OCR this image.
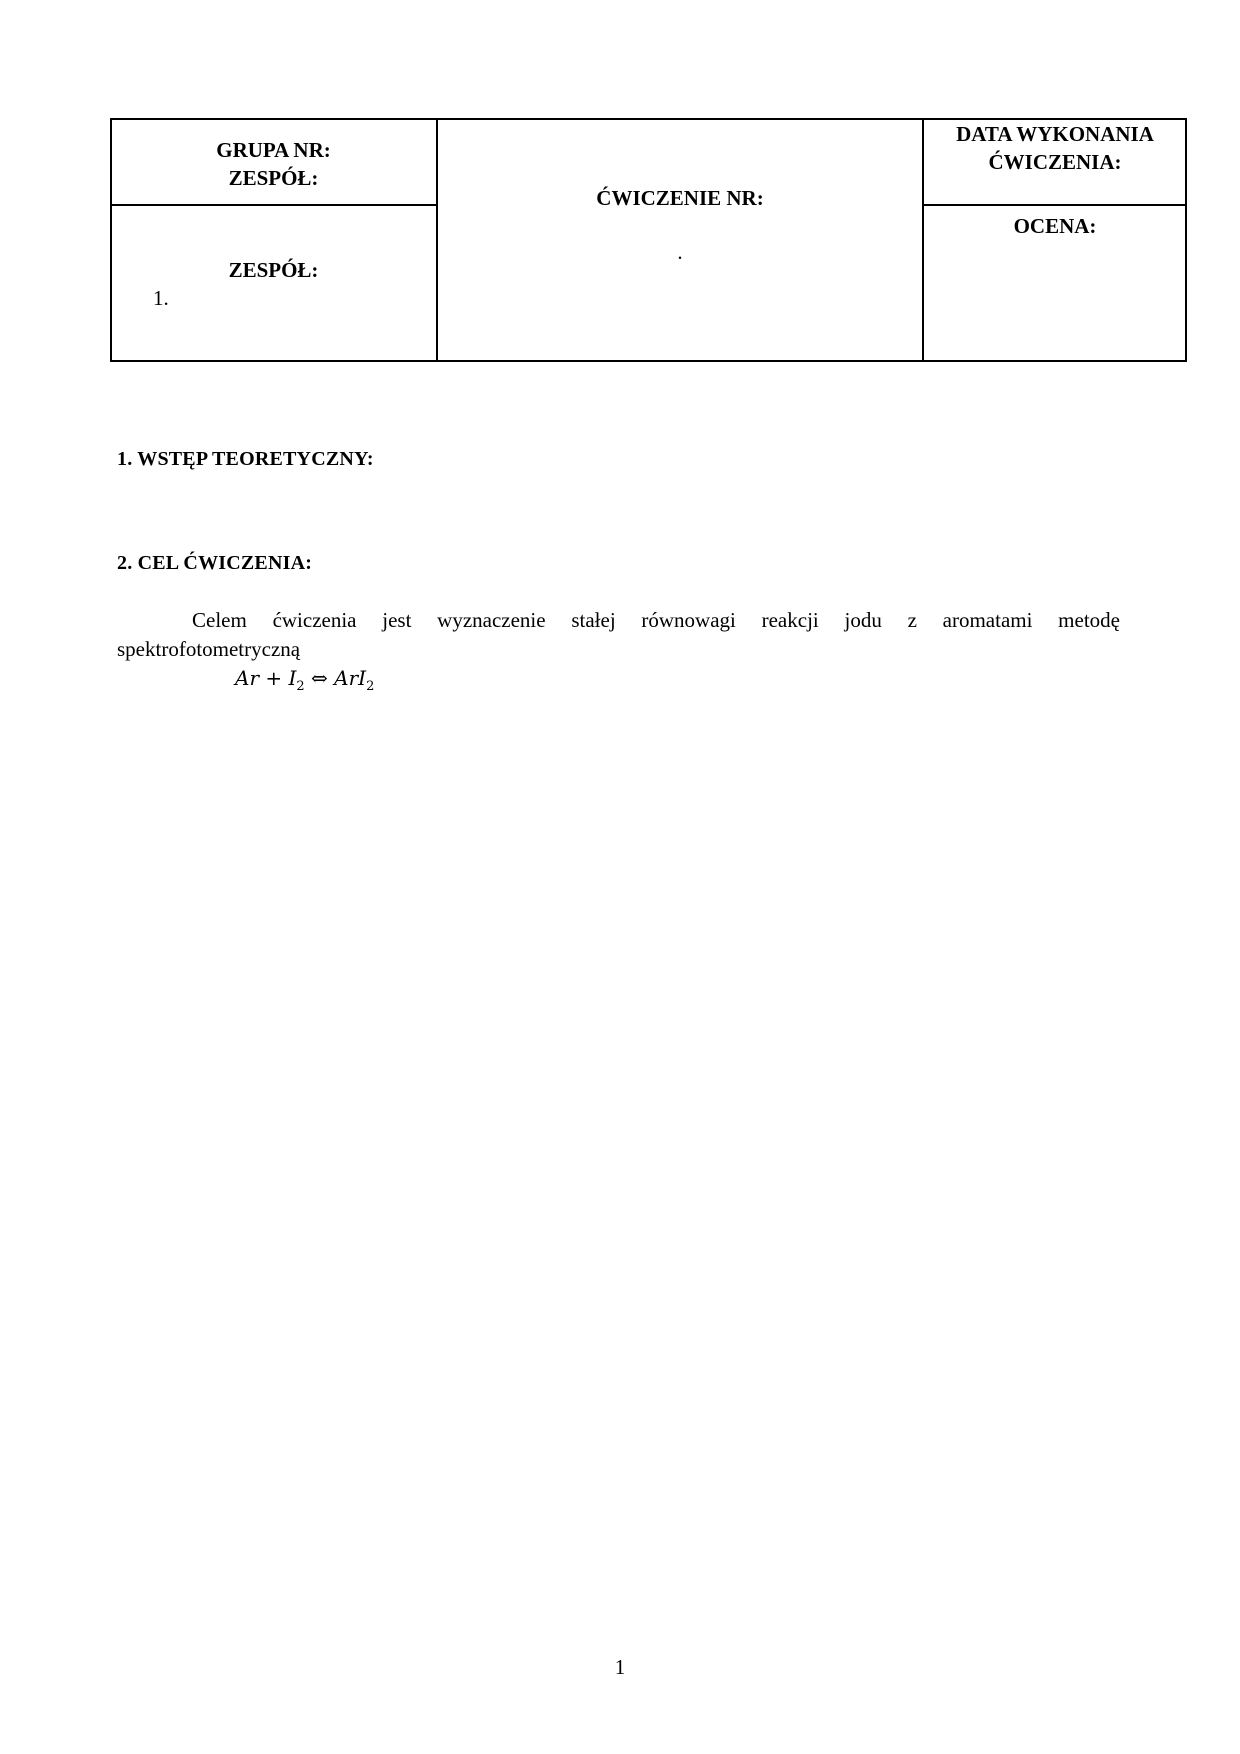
GRUPA NR:
ZESPÓŁ:
ĆWICZENIE NR:
.
DATA WYKONANIA
ĆWICZENIA:
ZESPÓŁ:
1.
OCENA:
1. WSTĘP TEORETYCZNY:
2. CEL ĆWICZENIA:
Celem ćwiczenia jest wyznaczenie stałej równowagi reakcji jodu z aromatami metodę
spektrofotometryczną
$Ar + I_2$ ⇔ ArI$_2$
1
